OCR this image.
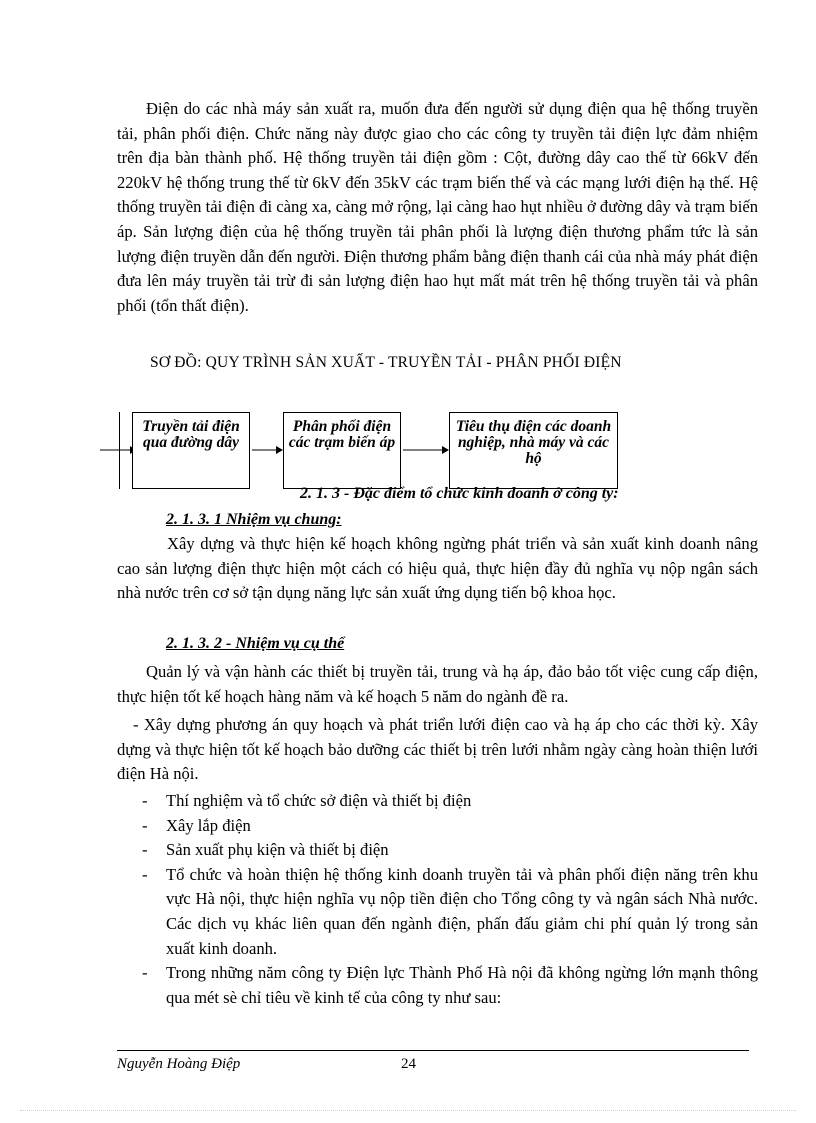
Điện do các nhà máy sản xuất ra, muốn đưa đến người sử dụng điện qua hệ thống truyền tải, phân phối điện. Chức năng này được giao cho các công ty truyền tải điện lực đảm nhiệm trên địa bàn thành phố. Hệ thống truyền tải điện gồm : Cột, đường dây cao thế từ 66kV đến 220kV hệ thống trung thế từ 6kV đến 35kV các trạm biến thế và các mạng lưới điện hạ thế. Hệ thống truyền tải điện đi càng xa, càng mở rộng, lại càng hao hụt nhiều ở đường dây và trạm biến áp. Sản lượng điện của hệ thống truyền tải phân phối là lượng điện thương phẩm tức là sản lượng điện truyền dẫn đến người. Điện thương phẩm bằng điện thanh cái của nhà máy phát điện đưa lên máy truyền tải trừ đi sản lượng điện hao hụt mất mát trên hệ thống truyền tải và phân phối (tổn thất điện).

SƠ ĐỒ: QUY TRÌNH SẢN XUẤT - TRUYỀN TẢI - PHÂN PHỐI ĐIỆN
Truyền tải điện qua đường dây
Phân phối điện các trạm biến áp
Tiêu thụ điện các doanh nghiệp, nhà máy và các hộ
2. 1. 3 - Đặc điểm tổ chức kinh doanh ở công ty:
2. 1. 3. 1 Nhiệm vụ chung:

Xây dựng và thực hiện kế hoạch không ngừng phát triển và sản xuất kinh doanh nâng cao sản lượng điện thực hiện một cách có hiệu quả, thực hiện đầy đủ nghĩa vụ nộp ngân sách nhà nước trên cơ sở tận dụng năng lực sản xuất ứng dụng tiến bộ khoa học.

2. 1. 3. 2 - Nhiệm vụ cụ thể

Quản lý và vận hành các thiết bị truyền tải, trung và hạ áp, đảo bảo tốt việc cung cấp điện, thực hiện tốt kế hoạch hàng năm và kế hoạch 5 năm do ngành đề ra.

- Xây dựng phương án quy hoạch và phát triển lưới điện cao và hạ áp cho các thời kỳ. Xây dựng và thực hiện tốt kế hoạch bảo dưỡng các thiết bị trên lưới nhằm ngày càng hoàn thiện lưới điện Hà nội.

- Thí nghiệm và tổ chức sở điện và thiết bị điện
- Xây lắp điện
- Sản xuất phụ kiện và thiết bị điện
- Tổ chức và hoàn thiện hệ thống kinh doanh truyền tải và phân phối điện năng trên khu vực Hà nội, thực hiện nghĩa vụ nộp tiền điện cho Tổng công ty và ngân sách Nhà nước. Các dịch vụ khác liên quan đến ngành điện, phấn đấu giảm chi phí quản lý trong sản xuất kinh doanh.
- Trong những năm công ty Điện lực Thành Phố Hà nội đã không ngừng lớn mạnh thông qua mét sè chỉ tiêu về kinh tế của công ty như sau:
Nguyễn Hoàng Điệp	24
